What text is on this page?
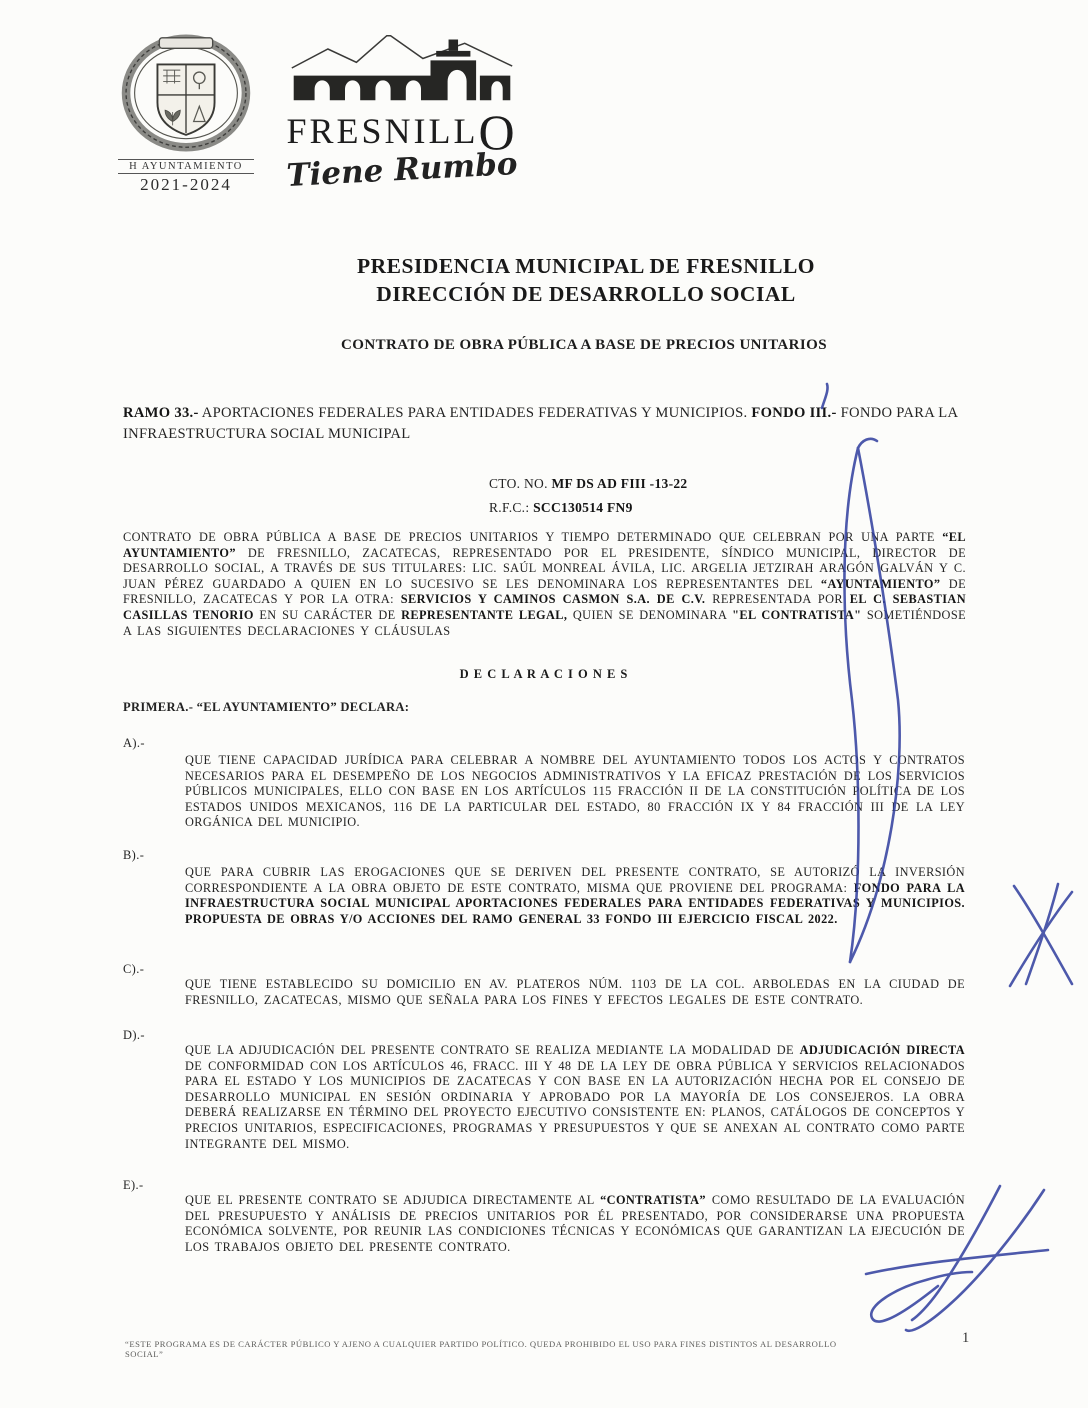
H AYUNTAMIENTO
2021-2024
FRESNILLO
Tiene Rumbo
PRESIDENCIA MUNICIPAL DE FRESNILLO
DIRECCIÓN DE DESARROLLO SOCIAL
CONTRATO DE OBRA PÚBLICA A BASE DE PRECIOS UNITARIOS
RAMO 33.- APORTACIONES FEDERALES PARA ENTIDADES FEDERATIVAS Y MUNICIPIOS. FONDO III.- FONDO PARA LA INFRAESTRUCTURA SOCIAL MUNICIPAL
CTO. NO. MF DS AD FIII -13-22
R.F.C.: SCC130514 FN9
CONTRATO DE OBRA PÚBLICA A BASE DE PRECIOS UNITARIOS Y TIEMPO DETERMINADO QUE CELEBRAN POR UNA PARTE “EL AYUNTAMIENTO” DE FRESNILLO, ZACATECAS, REPRESENTADO POR EL PRESIDENTE, SÍNDICO MUNICIPAL, DIRECTOR DE DESARROLLO SOCIAL, A TRAVÉS DE SUS TITULARES: LIC. SAÚL MONREAL ÁVILA, LIC. ARGELIA JETZIRAH ARAGÓN GALVÁN Y C. JUAN PÉREZ GUARDADO A QUIEN EN LO SUCESIVO SE LES DENOMINARA LOS REPRESENTANTES DEL “AYUNTAMIENTO” DE FRESNILLO, ZACATECAS Y POR LA OTRA: SERVICIOS Y CAMINOS CASMON S.A. DE C.V. REPRESENTADA POR EL C. SEBASTIAN CASILLAS TENORIO EN SU CARÁCTER DE REPRESENTANTE LEGAL, QUIEN SE DENOMINARA "EL CONTRATISTA" SOMETIÉNDOSE A LAS SIGUIENTES DECLARACIONES Y CLÁUSULAS
D E C L A R A C I O N E S
PRIMERA.- “EL AYUNTAMIENTO” DECLARA:
A).-
QUE TIENE CAPACIDAD JURÍDICA PARA CELEBRAR A NOMBRE DEL AYUNTAMIENTO TODOS LOS ACTOS Y CONTRATOS NECESARIOS PARA EL DESEMPEÑO DE LOS NEGOCIOS ADMINISTRATIVOS Y LA EFICAZ PRESTACIÓN DE LOS SERVICIOS PÚBLICOS MUNICIPALES, ELLO CON BASE EN LOS ARTÍCULOS 115 FRACCIÓN II DE LA CONSTITUCIÓN POLÍTICA DE LOS ESTADOS UNIDOS MEXICANOS, 116 DE LA PARTICULAR DEL ESTADO, 80 FRACCIÓN IX Y 84 FRACCIÓN III DE LA LEY ORGÁNICA DEL MUNICIPIO.
B).-
QUE PARA CUBRIR LAS EROGACIONES QUE SE DERIVEN DEL PRESENTE CONTRATO, SE AUTORIZÓ LA INVERSIÓN CORRESPONDIENTE A LA OBRA OBJETO DE ESTE CONTRATO, MISMA QUE PROVIENE DEL PROGRAMA: FONDO PARA LA INFRAESTRUCTURA SOCIAL MUNICIPAL APORTACIONES FEDERALES PARA ENTIDADES FEDERATIVAS Y MUNICIPIOS. PROPUESTA DE OBRAS Y/O ACCIONES DEL RAMO GENERAL 33 FONDO III EJERCICIO FISCAL 2022.
C).-
QUE TIENE ESTABLECIDO SU DOMICILIO EN AV. PLATEROS NÚM. 1103 DE LA COL. ARBOLEDAS EN LA CIUDAD DE FRESNILLO, ZACATECAS, MISMO QUE SEÑALA PARA LOS FINES Y EFECTOS LEGALES DE ESTE CONTRATO.
D).-
QUE LA ADJUDICACIÓN DEL PRESENTE CONTRATO SE REALIZA MEDIANTE LA MODALIDAD DE ADJUDICACIÓN DIRECTA DE CONFORMIDAD CON LOS ARTÍCULOS 46, FRACC. III Y 48 DE LA LEY DE OBRA PÚBLICA Y SERVICIOS RELACIONADOS PARA EL ESTADO Y LOS MUNICIPIOS DE ZACATECAS Y CON BASE EN LA AUTORIZACIÓN HECHA POR EL CONSEJO DE DESARROLLO MUNICIPAL EN SESIÓN ORDINARIA Y APROBADO POR LA MAYORÍA DE LOS CONSEJEROS. LA OBRA DEBERÁ REALIZARSE EN TÉRMINO DEL PROYECTO EJECUTIVO CONSISTENTE EN: PLANOS, CATÁLOGOS DE CONCEPTOS Y PRECIOS UNITARIOS, ESPECIFICACIONES, PROGRAMAS Y PRESUPUESTOS Y QUE SE ANEXAN AL CONTRATO COMO PARTE INTEGRANTE DEL MISMO.
E).-
QUE EL PRESENTE CONTRATO SE ADJUDICA DIRECTAMENTE AL “CONTRATISTA” COMO RESULTADO DE LA EVALUACIÓN DEL PRESUPUESTO Y ANÁLISIS DE PRECIOS UNITARIOS POR ÉL PRESENTADO, POR CONSIDERARSE UNA PROPUESTA ECONÓMICA SOLVENTE, POR REUNIR LAS CONDICIONES TÉCNICAS Y ECONÓMICAS QUE GARANTIZAN LA EJECUCIÓN DE LOS TRABAJOS OBJETO DEL PRESENTE CONTRATO.
“ESTE PROGRAMA ES DE CARÁCTER PÚBLICO Y AJENO A CUALQUIER PARTIDO POLÍTICO. QUEDA PROHIBIDO EL USO PARA FINES DISTINTOS AL DESARROLLO SOCIAL”
1
